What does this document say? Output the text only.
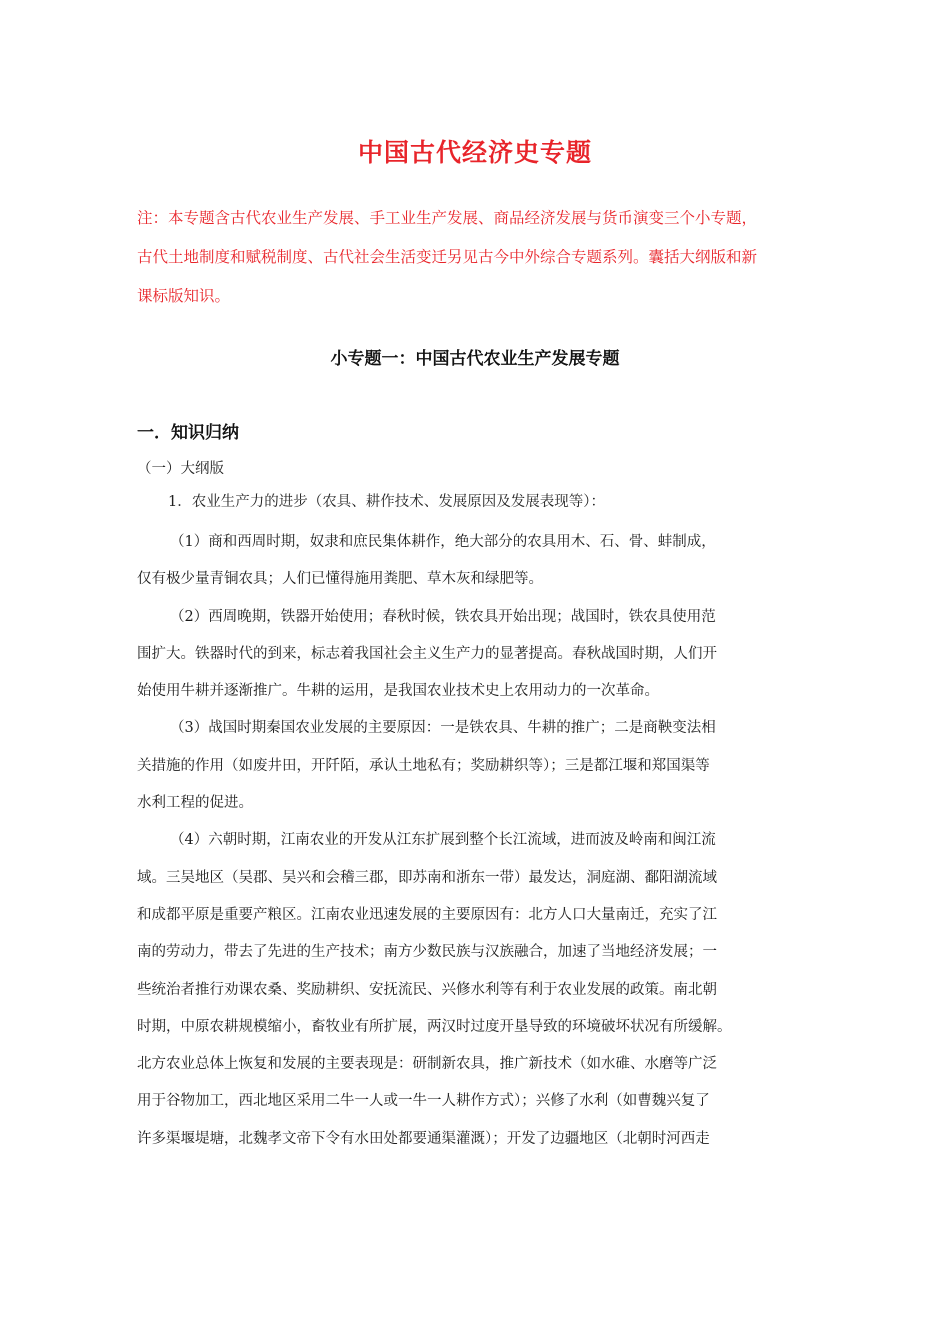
中国古代经济史专题

注：本专题含古代农业生产发展、手工业生产发展、商品经济发展与货币演变三个小专题，

古代土地制度和赋税制度、古代社会生活变迁另见古今中外综合专题系列。囊括大纲版和新

课标版知识。

小专题一：中国古代农业生产发展专题
一．知识归纳
（一）大纲版
1．农业生产力的进步（农具、耕作技术、发展原因及发展表现等）：
（1）商和西周时期，奴隶和庶民集体耕作，绝大部分的农具用木、石、骨、蚌制成，
仅有极少量青铜农具；人们已懂得施用粪肥、草木灰和绿肥等。
（2）西周晚期，铁器开始使用；春秋时候，铁农具开始出现；战国时，铁农具使用范
围扩大。铁器时代的到来，标志着我国社会主义生产力的显著提高。春秋战国时期，人们开
始使用牛耕并逐渐推广。牛耕的运用，是我国农业技术史上农用动力的一次革命。
（3）战国时期秦国农业发展的主要原因：一是铁农具、牛耕的推广；二是商鞅变法相
关措施的作用（如废井田，开阡陌，承认土地私有；奖励耕织等）；三是都江堰和郑国渠等
水利工程的促进。
（4）六朝时期，江南农业的开发从江东扩展到整个长江流域，进而波及岭南和闽江流
域。三吴地区（吴郡、吴兴和会稽三郡，即苏南和浙东一带）最发达，洞庭湖、鄱阳湖流域
和成都平原是重要产粮区。江南农业迅速发展的主要原因有：北方人口大量南迁，充实了江
南的劳动力，带去了先进的生产技术；南方少数民族与汉族融合，加速了当地经济发展；一
些统治者推行劝课农桑、奖励耕织、安抚流民、兴修水利等有利于农业发展的政策。南北朝
时期，中原农耕规模缩小，畜牧业有所扩展，两汉时过度开垦导致的环境破坏状况有所缓解。
北方农业总体上恢复和发展的主要表现是：研制新农具，推广新技术（如水碓、水磨等广泛
用于谷物加工，西北地区采用二牛一人或一牛一人耕作方式）；兴修了水利（如曹魏兴复了
许多渠堰堤塘，北魏孝文帝下令有水田处都要通渠灌溉）；开发了边疆地区（北朝时河西走
